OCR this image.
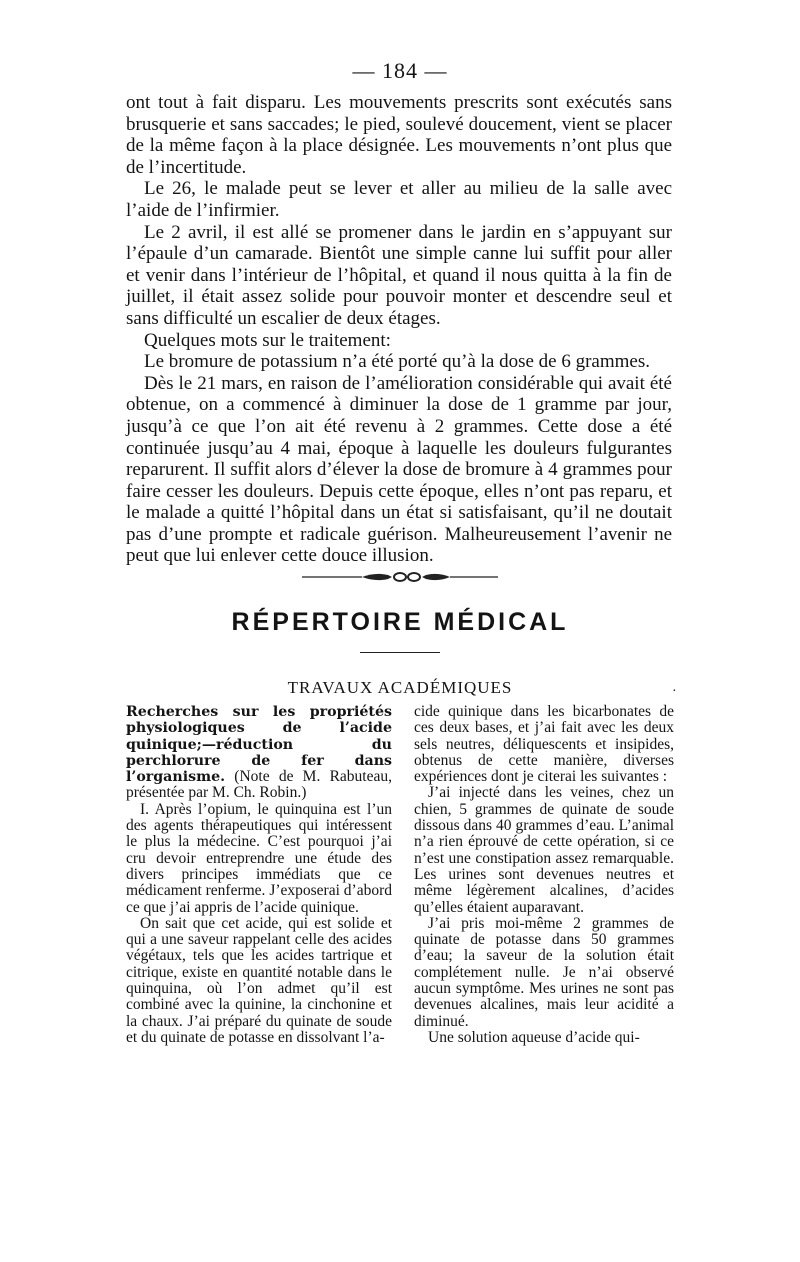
— 184 —

ont tout à fait disparu. Les mouvements prescrits sont exécutés sans brusquerie et sans saccades; le pied, soulevé doucement, vient se placer de la même façon à la place désignée. Les mouvements n’ont plus que de l’incertitude.

Le 26, le malade peut se lever et aller au milieu de la salle avec l’aide de l’infirmier.

Le 2 avril, il est allé se promener dans le jardin en s’appuyant sur l’épaule d’un camarade. Bientôt une simple canne lui suffit pour aller et venir dans l’intérieur de l’hôpital, et quand il nous quitta à la fin de juillet, il était assez solide pour pouvoir monter et descendre seul et sans difficulté un escalier de deux étages.

Quelques mots sur le traitement:

Le bromure de potassium n’a été porté qu’à la dose de 6 grammes.

Dès le 21 mars, en raison de l’amélioration considérable qui avait été obtenue, on a commencé à diminuer la dose de 1 gramme par jour, jusqu’à ce que l’on ait été revenu à 2 grammes. Cette dose a été continuée jusqu’au 4 mai, époque à laquelle les douleurs fulgurantes reparurent. Il suffit alors d’élever la dose de bromure à 4 grammes pour faire cesser les douleurs. Depuis cette époque, elles n’ont pas reparu, et le malade a quitté l’hôpital dans un état si satisfaisant, qu’il ne doutait pas d’une prompte et radicale guérison. Malheureusement l’avenir ne peut que lui enlever cette douce illusion.

RÉPERTOIRE MÉDICAL
TRAVAUX ACADÉMIQUES	·

Recherches sur les propriétés physiologiques de l’acide quinique;—réduction du perchlorure de fer dans l’organisme. (Note de M. Rabuteau, présentée par M. Ch. Robin.)

I. Après l’opium, le quinquina est l’un des agents thérapeutiques qui intéressent le plus la médecine. C’est pourquoi j’ai cru devoir entreprendre une étude des divers principes immédiats que ce médicament renferme. J’exposerai d’abord ce que j’ai appris de l’acide quinique.

On sait que cet acide, qui est solide et qui a une saveur rappelant celle des acides végétaux, tels que les acides tartrique et citrique, existe en quantité notable dans le quinquina, où l’on admet qu’il est combiné avec la quinine, la cinchonine et la chaux. J’ai préparé du quinate de soude et du quinate de potasse en dissolvant l’a-

cide quinique dans les bicarbonates de ces deux bases, et j’ai fait avec les deux sels neutres, déliquescents et insipides, obtenus de cette manière, diverses expériences dont je citerai les suivantes :

J’ai injecté dans les veines, chez un chien, 5 grammes de quinate de soude dissous dans 40 grammes d’eau. L’animal n’a rien éprouvé de cette opération, si ce n’est une constipation assez remarquable. Les urines sont devenues neutres et même légèrement alcalines, d’acides qu’elles étaient auparavant.

J’ai pris moi-même 2 grammes de quinate de potasse dans 50 grammes d’eau; la saveur de la solution était complétement nulle. Je n’ai observé aucun symptôme. Mes urines ne sont pas devenues alcalines, mais leur acidité a diminué.

Une solution aqueuse d’acide qui-
